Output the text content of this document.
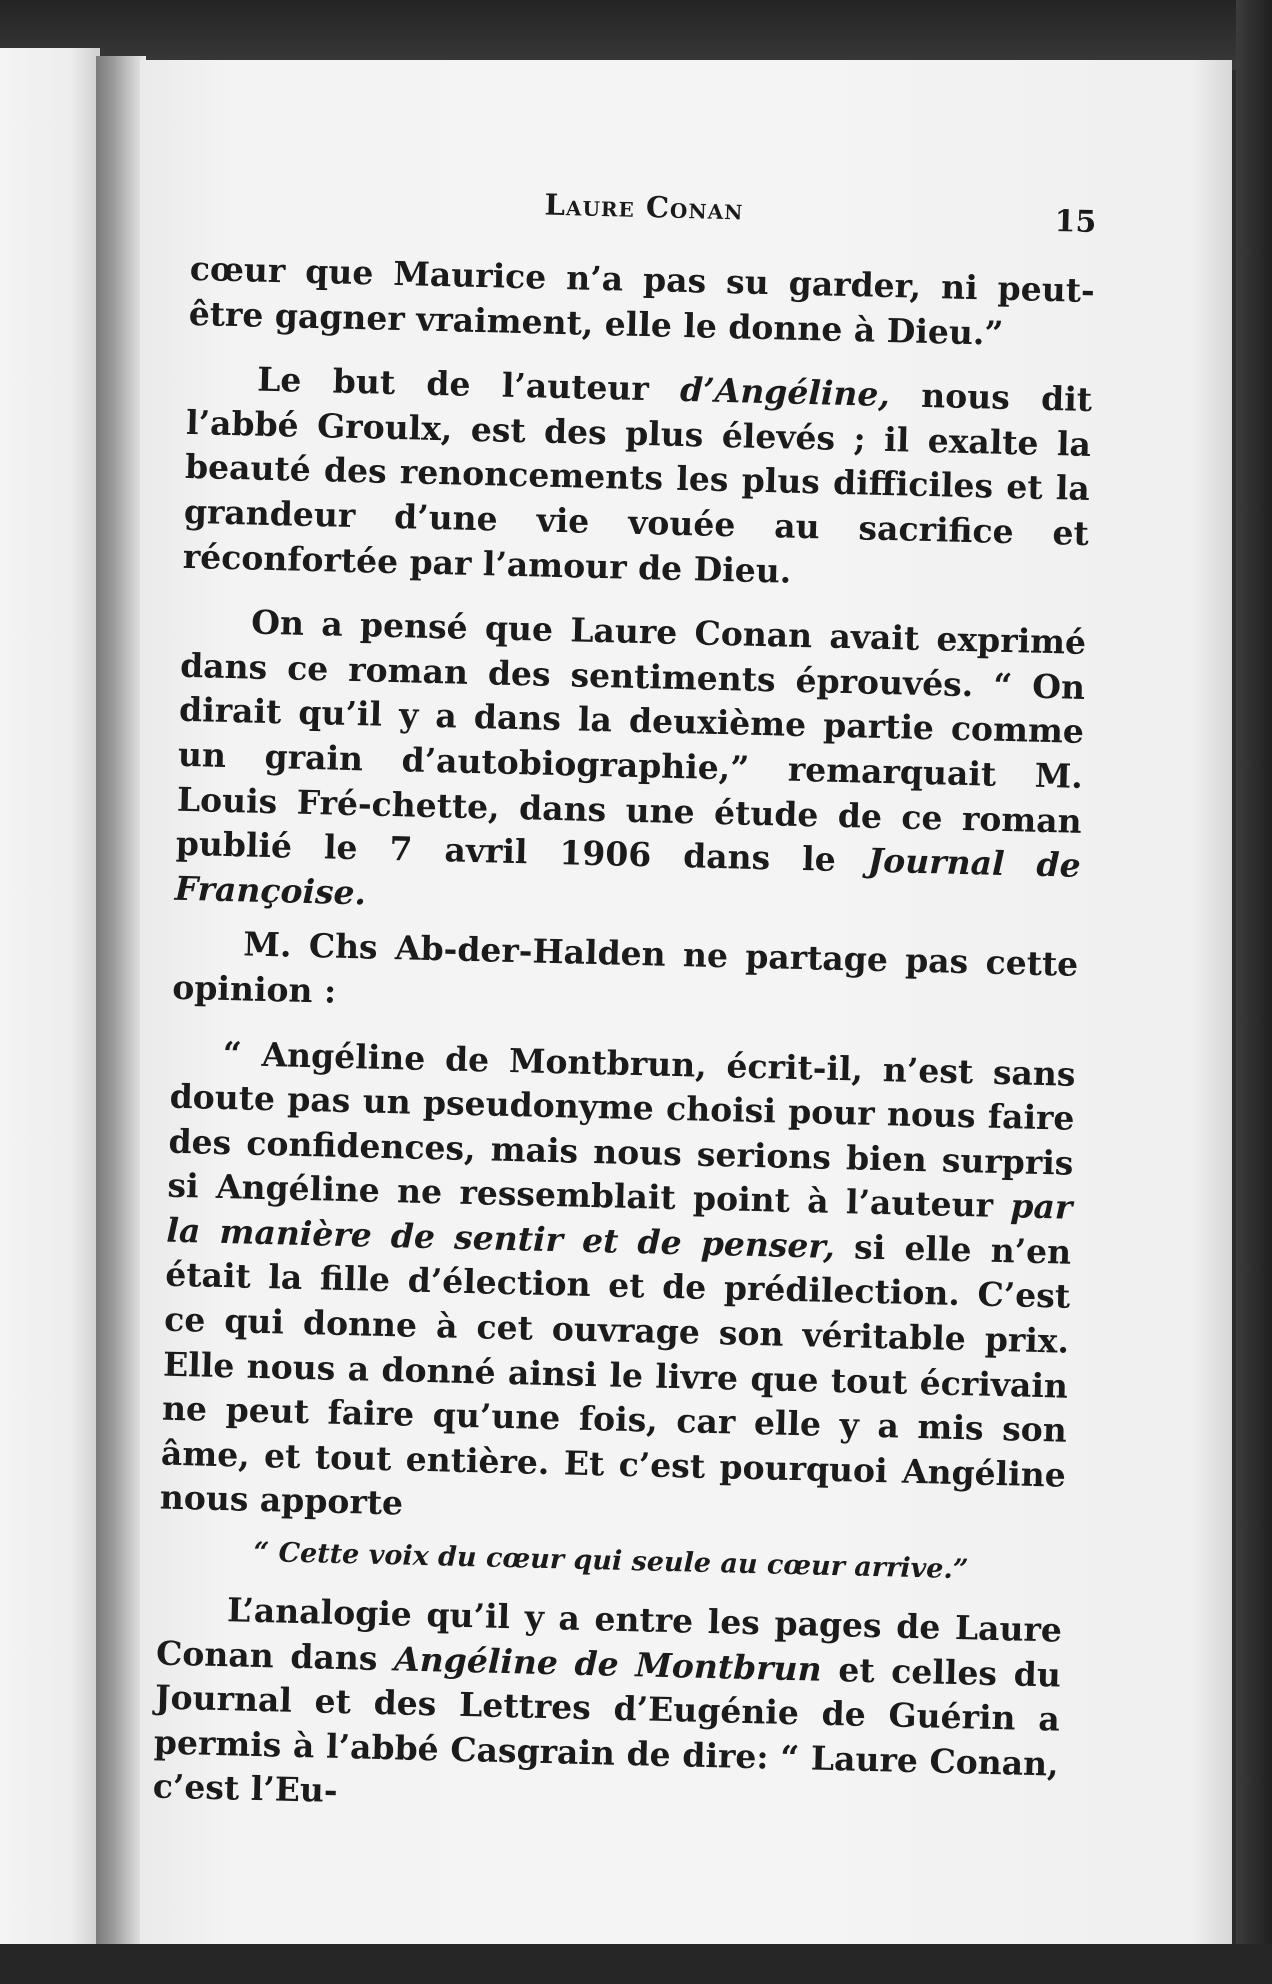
Laure Conan	15

cœur que Maurice n’a pas su garder, ni peut-être gagner vraiment, elle le donne à Dieu.”

Le but de l’auteur d’Angéline, nous dit l’abbé Groulx, est des plus élevés ; il exalte la beauté des renoncements les plus difficiles et la grandeur d’une vie vouée au sacrifice et réconfortée par l’amour de Dieu.

On a pensé que Laure Conan avait exprimé dans ce roman des sentiments éprouvés. “ On dirait qu’il y a dans la deuxième partie comme un grain d’autobiographie,” remarquait M. Louis Fré-chette, dans une étude de ce roman publié le 7 avril 1906 dans le Journal de Françoise.

M. Chs Ab-der-Halden ne partage pas cette opinion :

“ Angéline de Montbrun, écrit-il, n’est sans doute pas un pseudonyme choisi pour nous faire des confidences, mais nous serions bien surpris si Angéline ne ressemblait point à l’auteur par la manière de sentir et de penser, si elle n’en était la fille d’élection et de prédilection. C’est ce qui donne à cet ouvrage son véritable prix. Elle nous a donné ainsi le livre que tout écrivain ne peut faire qu’une fois, car elle y a mis son âme, et tout entière. Et c’est pourquoi Angéline nous apporte

“ Cette voix du cœur qui seule au cœur arrive.”

L’analogie qu’il y a entre les pages de Laure Conan dans Angéline de Montbrun et celles du Journal et des Lettres d’Eugénie de Guérin a permis à l’abbé Casgrain de dire: “ Laure Conan, c’est l’Eu-
